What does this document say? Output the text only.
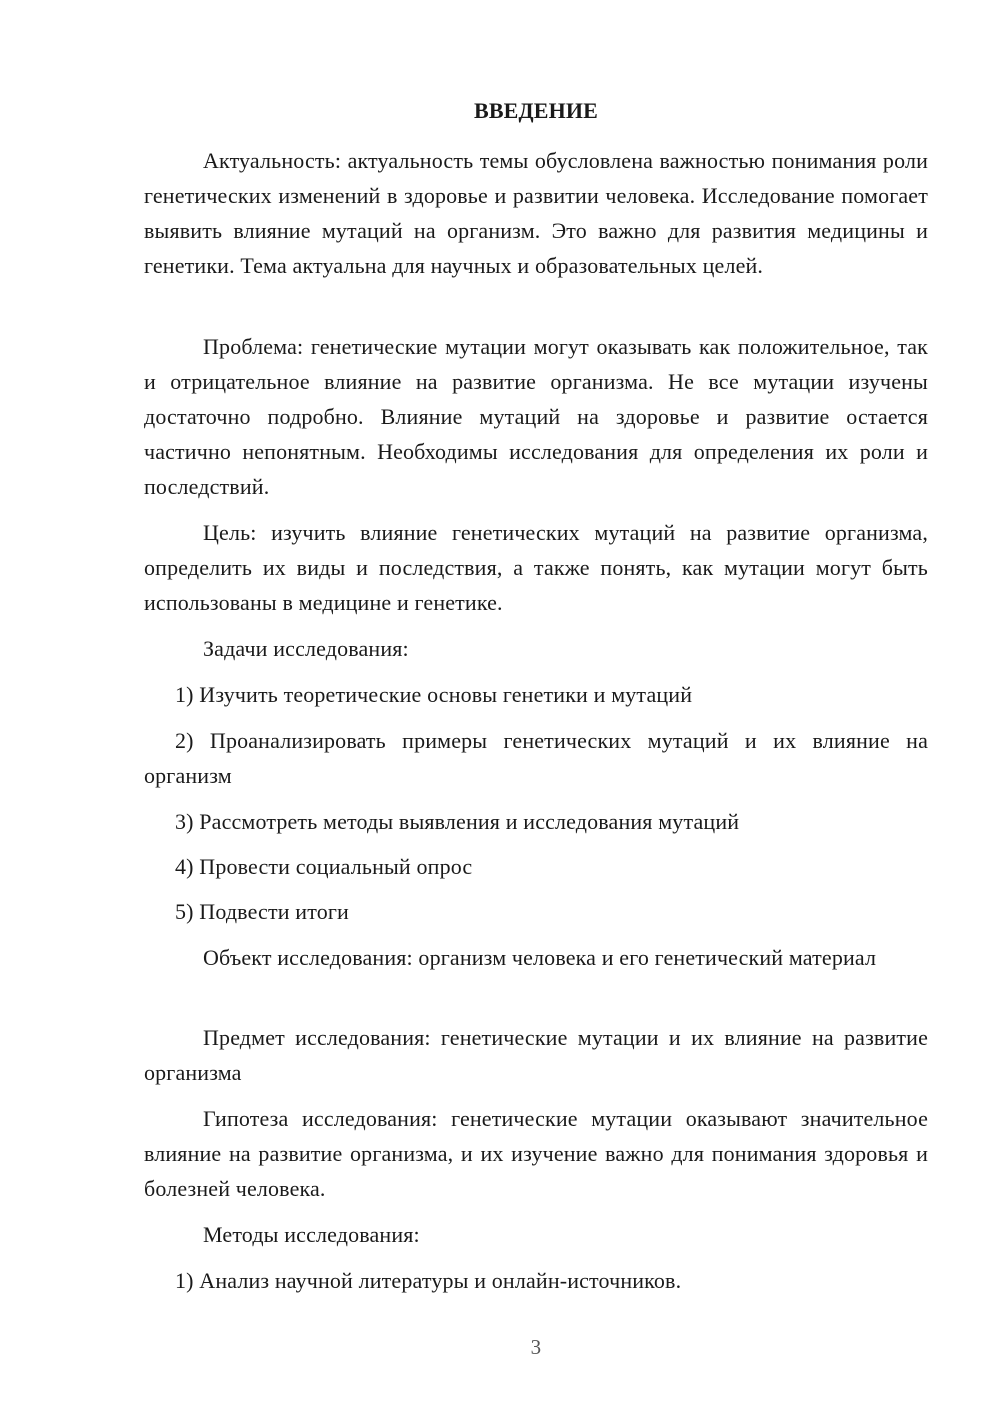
ВВЕДЕНИЕ

Актуальность: актуальность темы обусловлена важностью понимания роли генетических изменений в здоровье и развитии человека. Исследование помогает выявить влияние мутаций на организм. Это важно для развития медицины и генетики. Тема актуальна для научных и образовательных целей.

Проблема: генетические мутации могут оказывать как положительное, так и отрицательное влияние на развитие организма. Не все мутации изучены достаточно подробно. Влияние мутаций на здоровье и развитие остается частично непонятным. Необходимы исследования для определения их роли и последствий.

Цель: изучить влияние генетических мутаций на развитие организма, определить их виды и последствия, а также понять, как мутации могут быть использованы в медицине и генетике.

Задачи исследования:

1) Изучить теоретические основы генетики и мутаций

2) Проанализировать примеры генетических мутаций и их влияние на организм

3) Рассмотреть методы выявления и исследования мутаций

4) Провести социальный опрос

5) Подвести итоги

Объект исследования: организм человека и его генетический материал

Предмет исследования: генетические мутации и их влияние на развитие организма

Гипотеза исследования: генетические мутации оказывают значительное влияние на развитие организма, и их изучение важно для понимания здоровья и болезней человека.

Методы исследования:

1) Анализ научной литературы и онлайн-источников.

3
